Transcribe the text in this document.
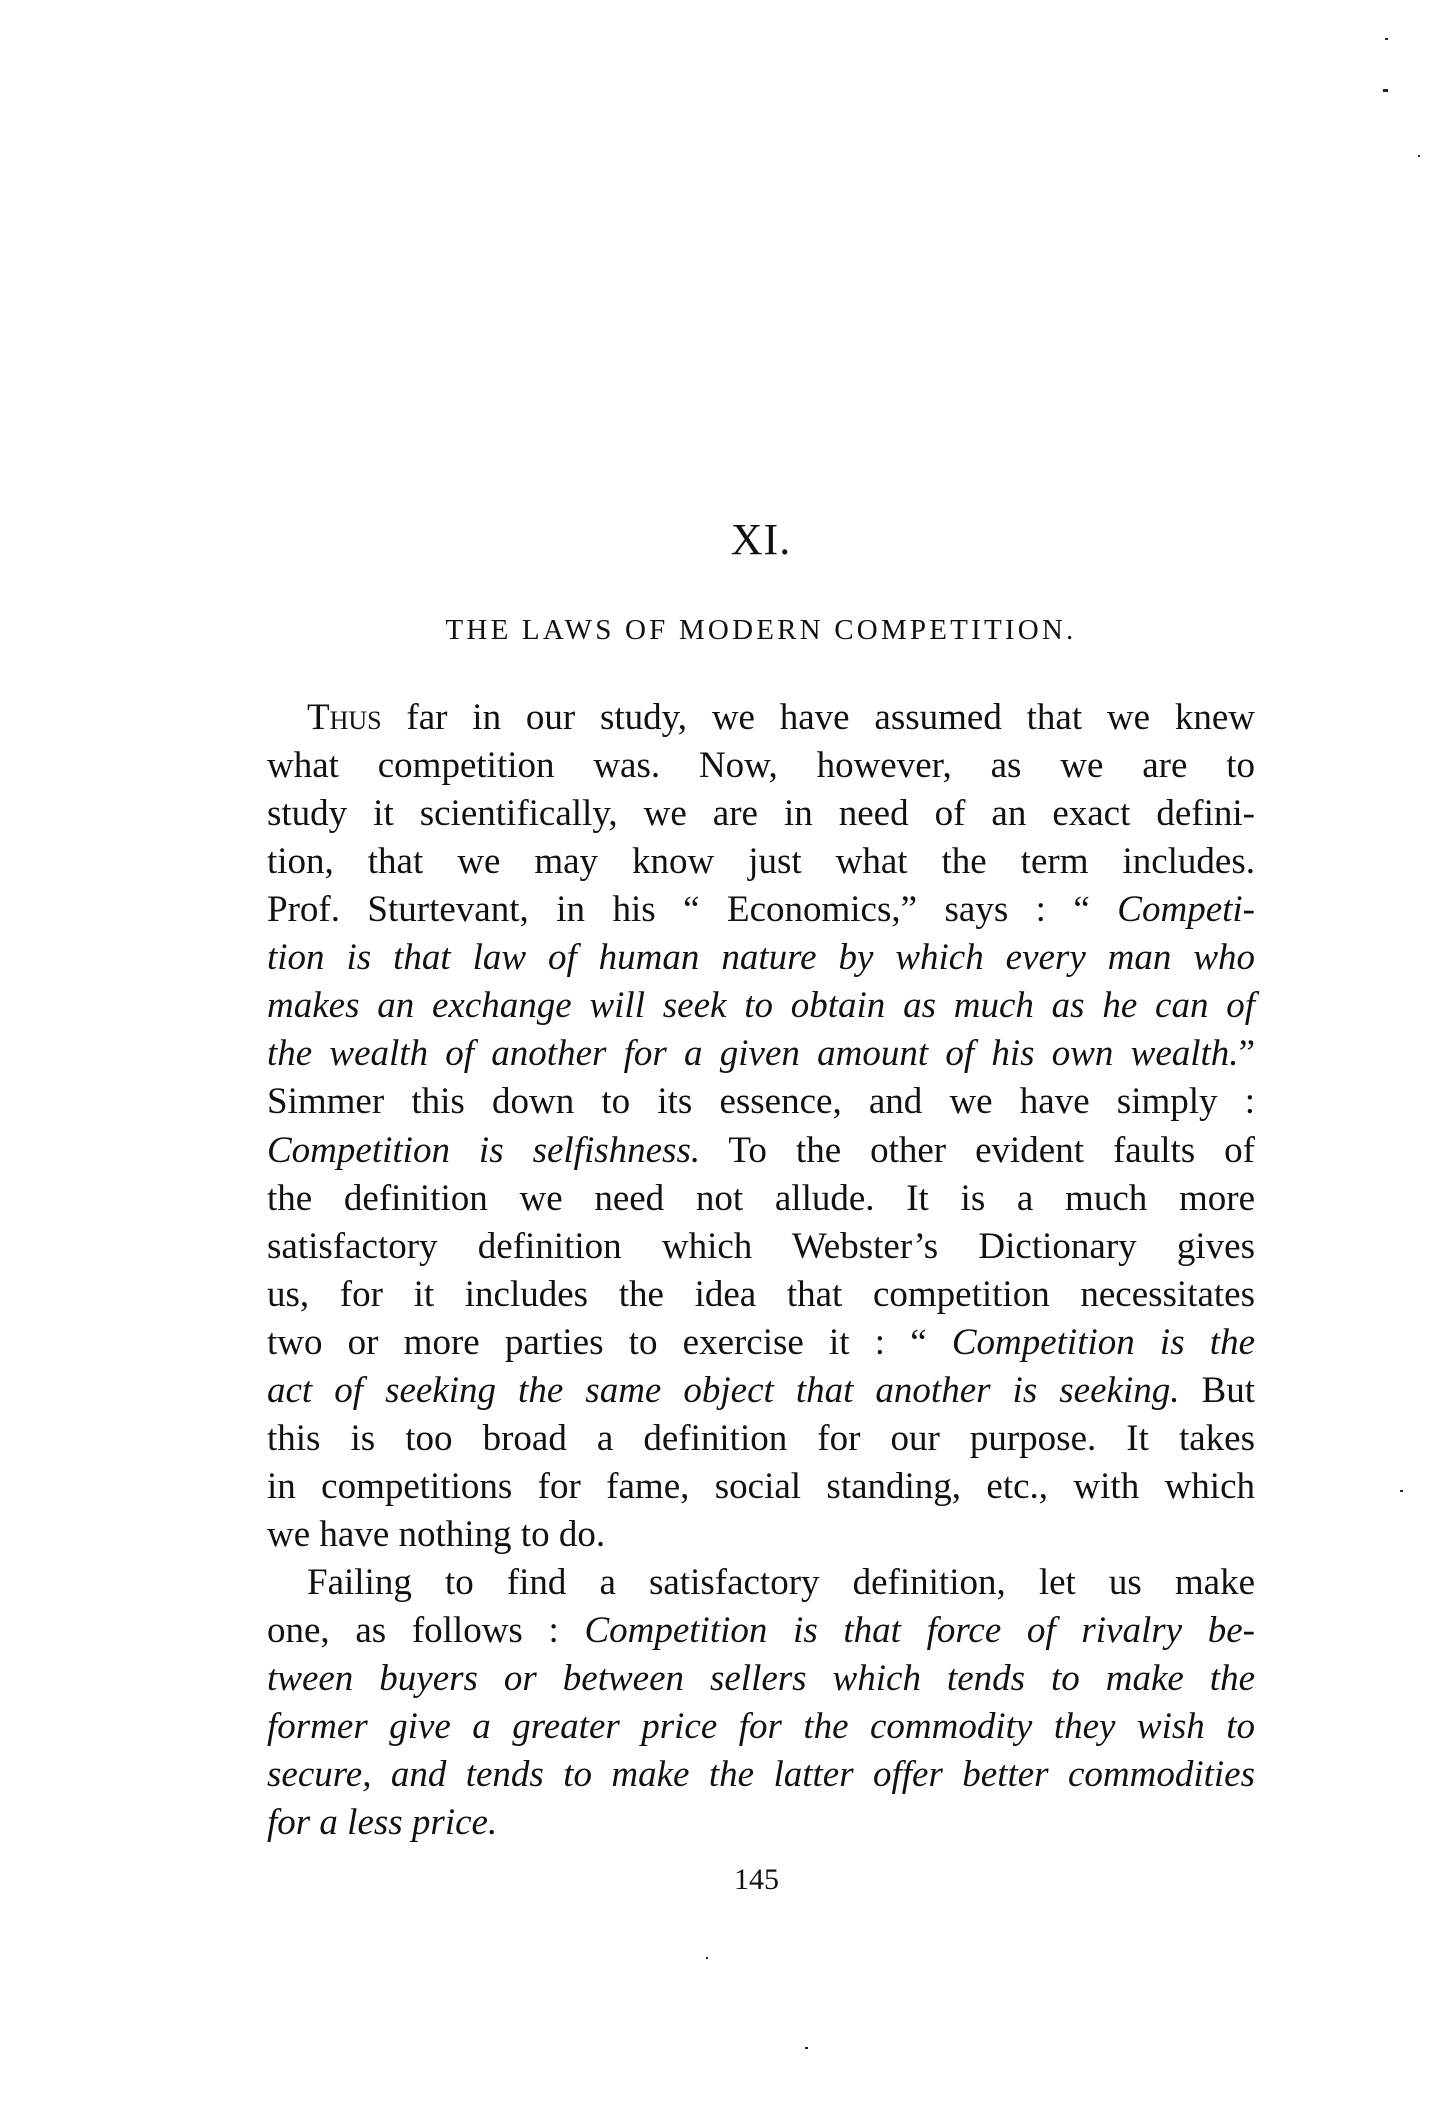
XI.
THE LAWS OF MODERN COMPETITION.
Thus far in our study, we have assumed that we knew
what competition was. Now, however, as we are to
study it scientifically, we are in need of an exact defini-
tion, that we may know just what the term includes.
Prof. Sturtevant, in his “ Economics,” says : “ Competi-
tion is that law of human nature by which every man who
makes an exchange will seek to obtain as much as he can of
the wealth of another for a given amount of his own wealth.”
Simmer this down to its essence, and we have simply :
Competition is selfishness. To the other evident faults of
the definition we need not allude. It is a much more
satisfactory definition which Webster’s Dictionary gives
us, for it includes the idea that competition necessitates
two or more parties to exercise it : “ Competition is the
act of seeking the same object that another is seeking. But
this is too broad a definition for our purpose. It takes
in competitions for fame, social standing, etc., with which
we have nothing to do.
Failing to find a satisfactory definition, let us make
one, as follows : Competition is that force of rivalry be-
tween buyers or between sellers which tends to make the
former give a greater price for the commodity they wish to
secure, and tends to make the latter offer better commodities
for a less price.
145
